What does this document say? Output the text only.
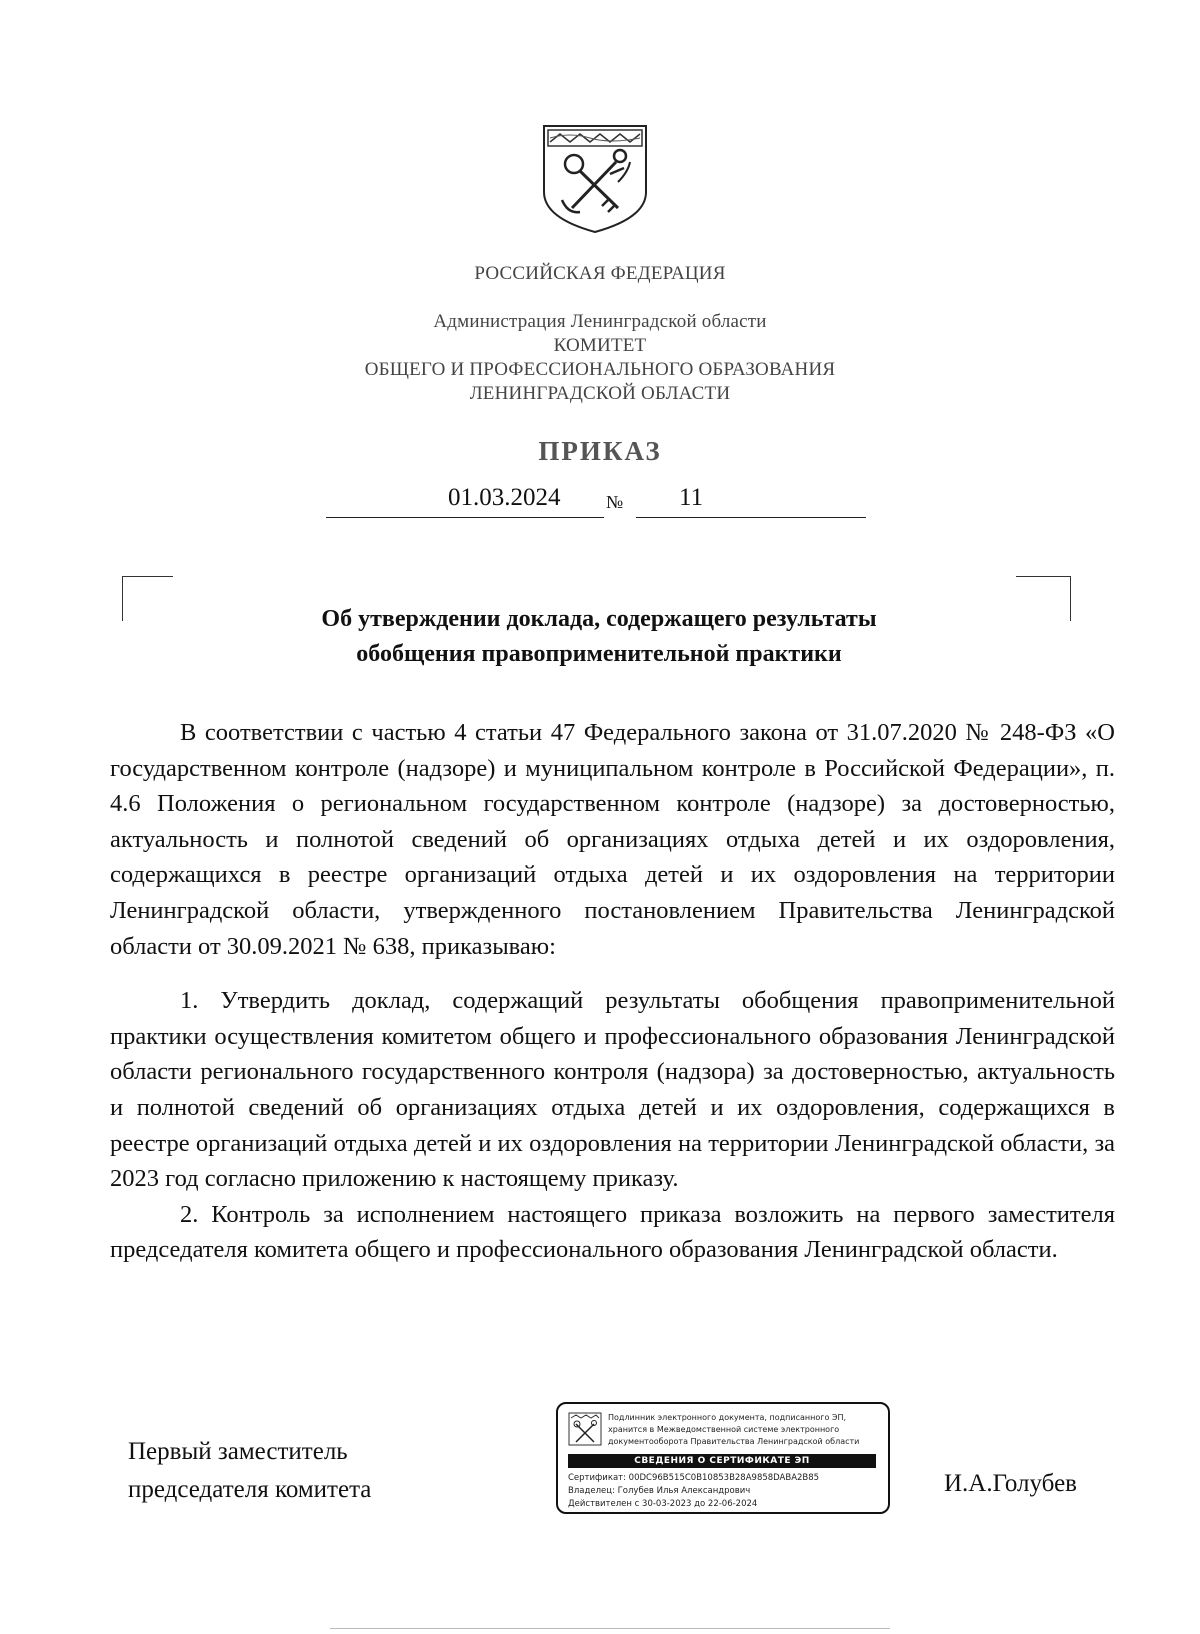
РОССИЙСКАЯ ФЕДЕРАЦИЯ
Администрация Ленинградской области
КОМИТЕТ
ОБЩЕГО И ПРОФЕССИОНАЛЬНОГО ОБРАЗОВАНИЯ
ЛЕНИНГРАДСКОЙ ОБЛАСТИ
ПРИКАЗ
01.03.2024	№ 11
Об утверждении доклада, содержащего результаты
обобщения правоприменительной практики

В соответствии с частью 4 статьи 47 Федерального закона от 31.07.2020 № 248-ФЗ «О государственном контроле (надзоре) и муниципальном контроле в Российской Федерации», п. 4.6 Положения о региональном государственном контроле (надзоре) за достоверностью, актуальность и полнотой сведений об организациях отдыха детей и их оздоровления, содержащихся в реестре организаций отдыха детей и их оздоровления на территории Ленинградской области, утвержденного постановлением Правительства Ленинградской области от 30.09.2021 № 638, приказываю:

1. Утвердить доклад, содержащий результаты обобщения правоприменительной практики осуществления комитетом общего и профессионального образования Ленинградской области регионального государственного контроля (надзора) за достоверностью, актуальность и полнотой сведений об организациях отдыха детей и их оздоровления, содержащихся в реестре организаций отдыха детей и их оздоровления на территории Ленинградской области, за 2023 год согласно приложению к настоящему приказу.

2. Контроль за исполнением настоящего приказа возложить на первого заместителя председателя комитета общего и профессионального образования Ленинградской области.

Первый заместитель
председателя комитета
Подлинник электронного документа, подписанного ЭП,
хранится в Межведомственной системе электронного
документооборота Правительства Ленинградской области
СВЕДЕНИЯ О СЕРТИФИКАТЕ ЭП
Сертификат: 00DC96B515C0B10853B28A9858DABA2B85
Владелец: Голубев Илья Александрович
Действителен с 30-03-2023 до 22-06-2024
И.А.Голубев
